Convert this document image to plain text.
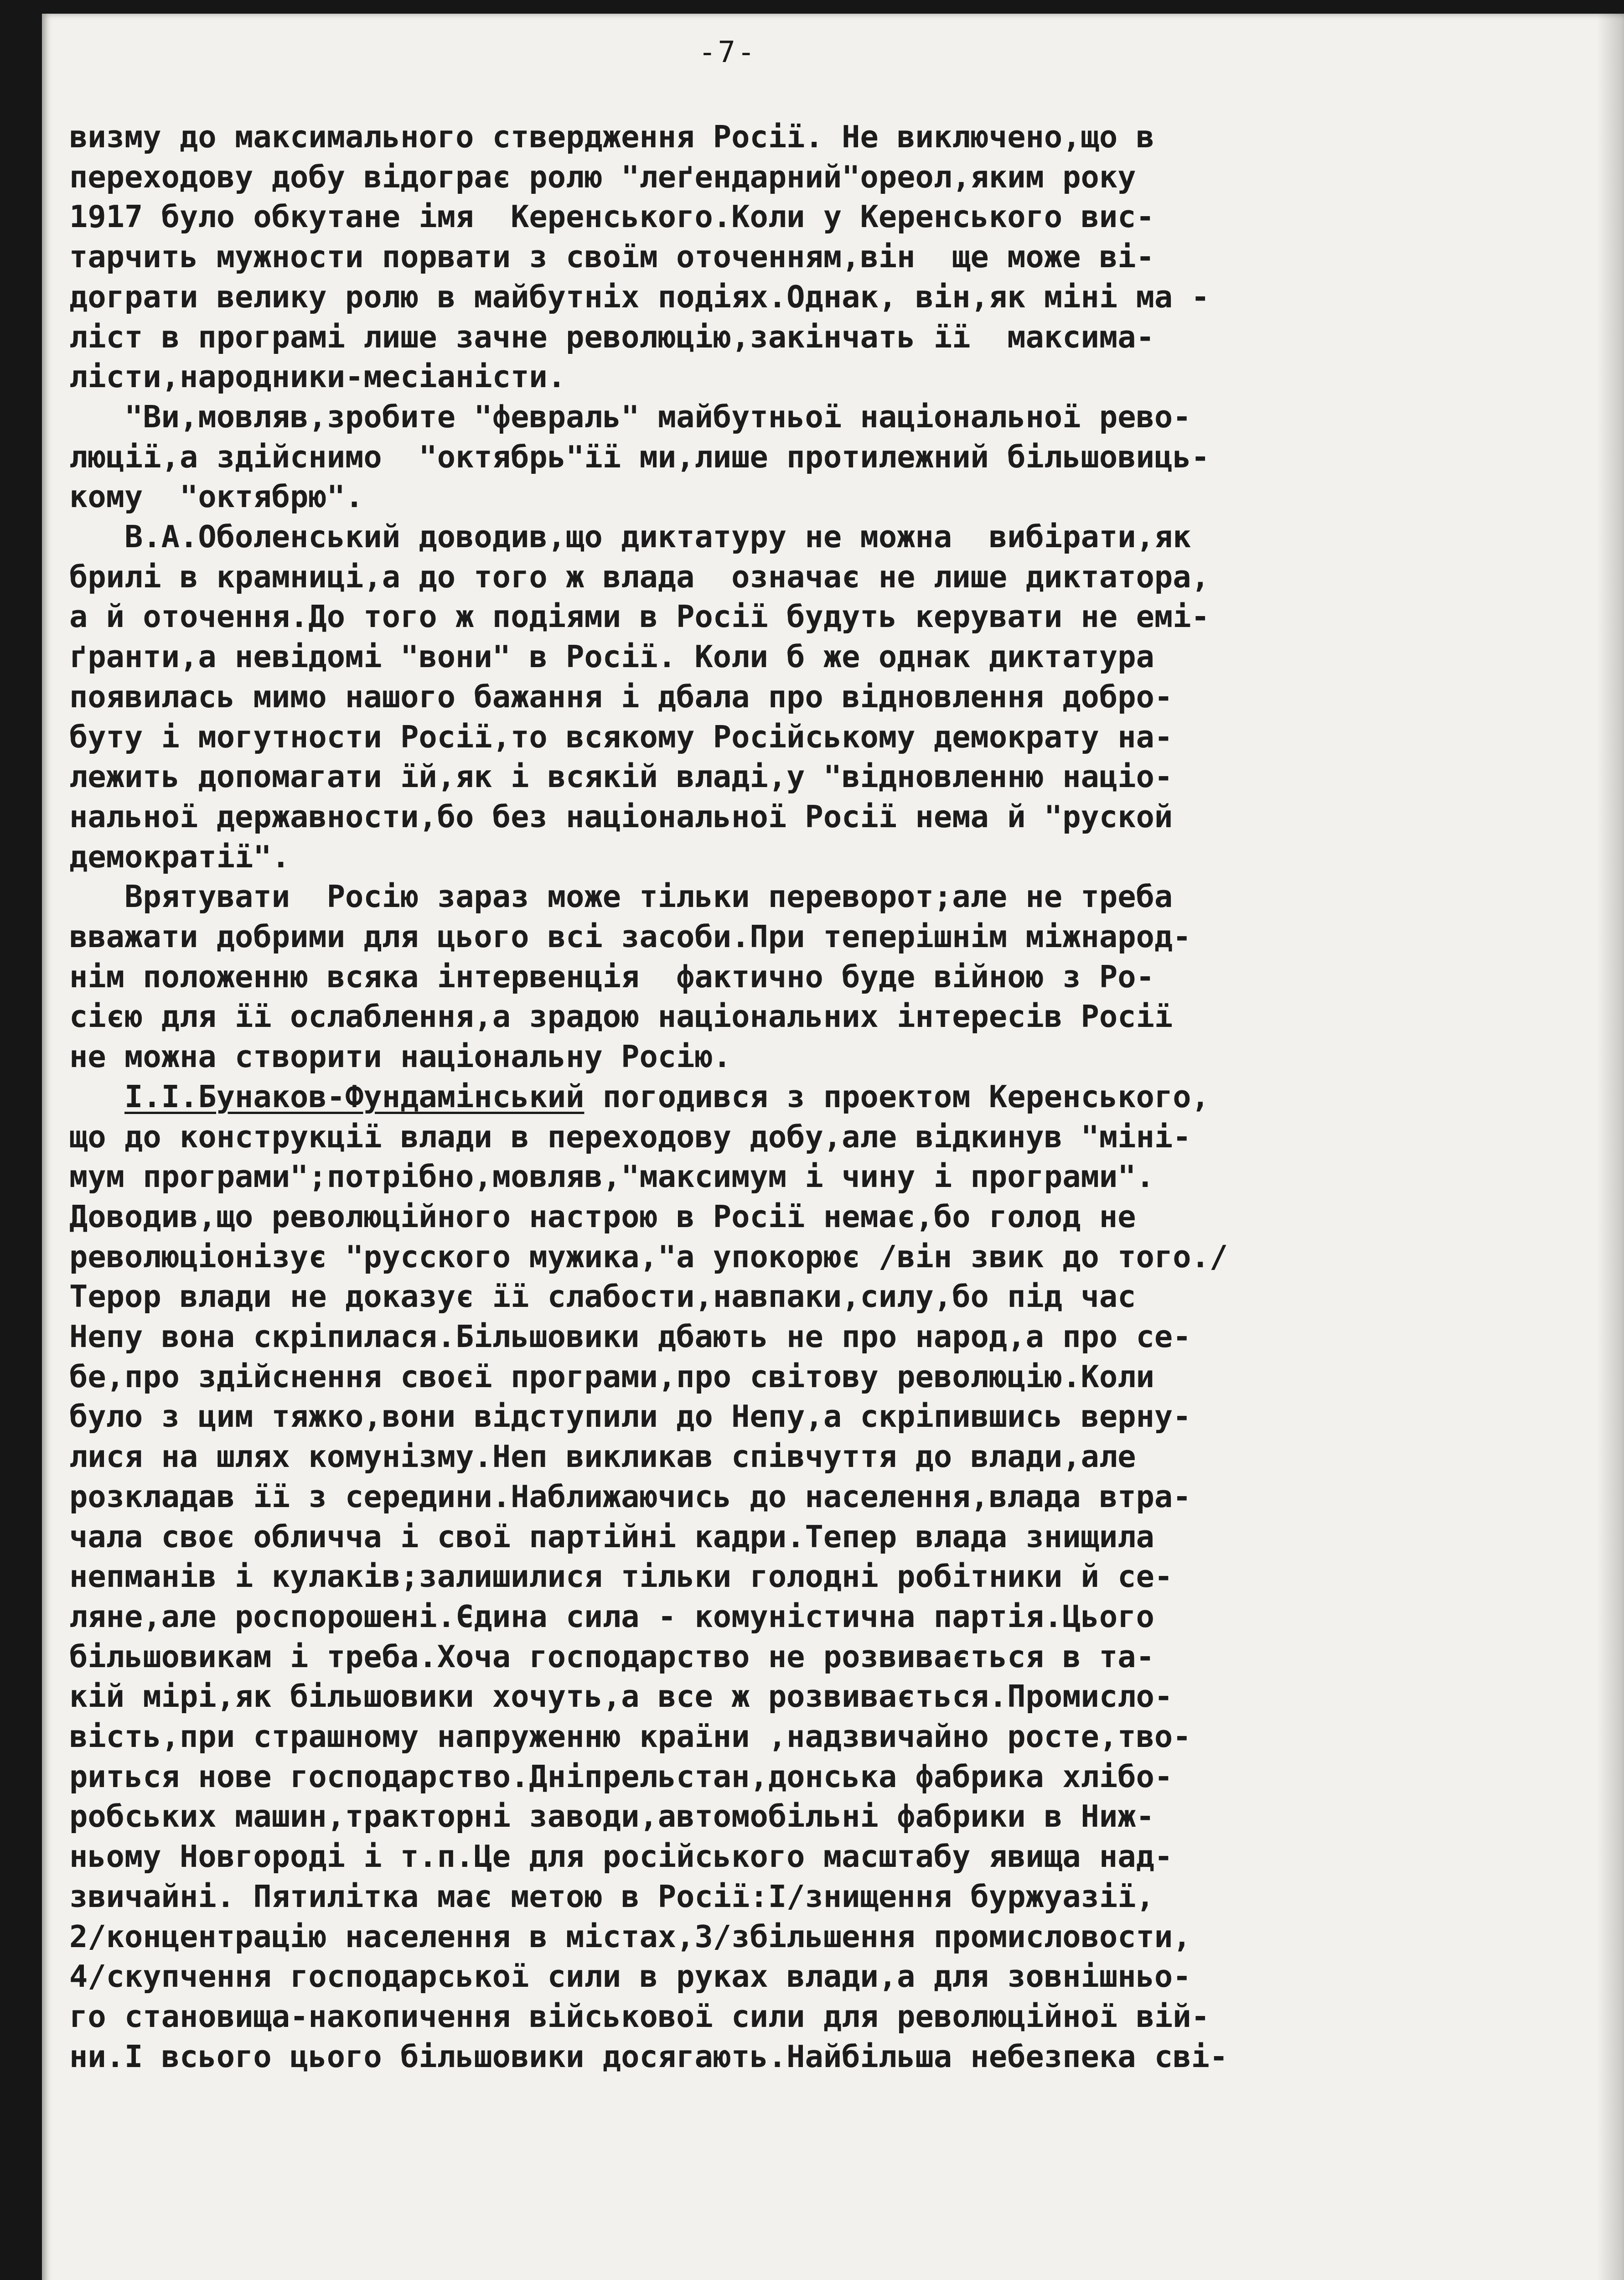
-7-
визму до максимального ствердження Росії. Не виключено,що в
переходову добу відограє ролю "леґендарний"ореол,яким року
1917 було обкутане імя  Керенського.Коли у Керенського вис-
тарчить мужности порвати з своїм оточенням,він  ще може ві-
дограти велику ролю в майбутніх подіях.Однак, він,як міні ма -
ліст в програмі лише зачне революцію,закінчать її  максима-
лісти,народники-месіаністи.
"Ви,мовляв,зробите "февраль" майбутньої національної рево-
люції,а здійснимо  "октябрь"її ми,лише протилежний більшовиць-
кому  "октябрю".
В.А.Оболенський доводив,що диктатуру не можна  вибірати,як
брилі в крамниці,а до того ж влада  означає не лише диктатора,
а й оточення.До того ж подіями в Росії будуть керувати не емі-
ґранти,а невідомі "вони" в Росії. Коли б же однак диктатура
появилась мимо нашого бажання і дбала про відновлення добро-
буту і могутности Росії,то всякому Російському демократу на-
лежить допомагати їй,як і всякій владі,у "відновленню націо-
нальної державности,бо без національної Росії нема й "руской
демократії".
Врятувати  Росію зараз може тільки переворот;але не треба
вважати добрими для цього всі засоби.При теперішнім міжнарод-
нім положенню всяка інтервенція  фактично буде війною з Ро-
сією для її ослаблення,а зрадою національних інтересів Росії
не можна створити національну Росію.
І.І.Бунаков-Фундамінський погодився з проектом Керенського,
що до конструкції влади в переходову добу,але відкинув "міні-
мум програми";потрібно,мовляв,"максимум і чину і програми".
Доводив,що революційного настрою в Росії немає,бо голод не
революціонізує "русского мужика,"а упокорює /він звик до того./
Терор влади не доказує її слабости,навпаки,силу,бо під час
Непу вона скріпилася.Більшовики дбають не про народ,а про се-
бе,про здійснення своєї програми,про світову революцію.Коли
було з цим тяжко,вони відступили до Непу,а скріпившись верну-
лися на шлях комунізму.Неп викликав співчуття до влади,але
розкладав її з середини.Наближаючись до населення,влада втра-
чала своє обличча і свої партійні кадри.Тепер влада знищила
непманів і кулаків;залишилися тільки голодні робітники й се-
ляне,але роспорошені.Єдина сила - комуністична партія.Цього
більшовикам і треба.Хоча господарство не розвивається в та-
кій мірі,як більшовики хочуть,а все ж розвивається.Промисло-
вість,при страшному напруженню країни ,надзвичайно росте,тво-
риться нове господарство.Дніпрельстан,донська фабрика хлібо-
робських машин,тракторні заводи,автомобільні фабрики в Ниж-
ньому Новгороді і т.п.Це для російського масштабу явища над-
звичайні. Пятилітка має метою в Росії:І/знищення буржуазії,
2/концентрацію населення в містах,3/збільшення промисловости,
4/скупчення господарської сили в руках влади,а для зовнішньо-
го становища-накопичення військової сили для революційної вій-
ни.І всього цього більшовики досягають.Найбільша небезпека сві-
